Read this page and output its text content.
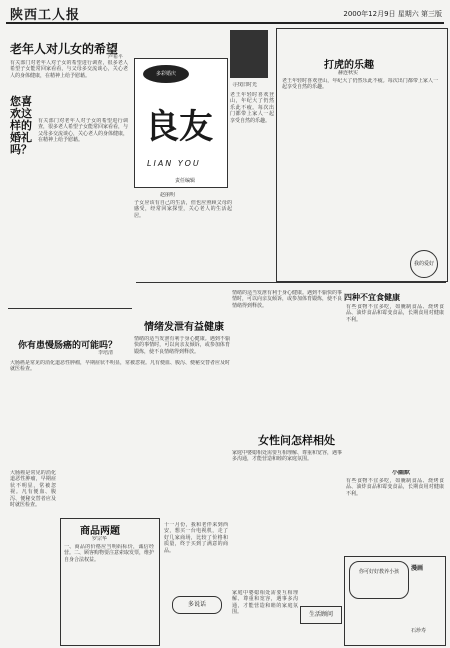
陕西工人报	2000年12月9日 星期六 第三版
老年人对儿女的希望
卢希平
有关部门对老年人对子女的希望进行调查，很多老人希望子女能常回家看看，与父母多交流谈心，关心老人的身体健康，在精神上给予慰藉。
您喜欢这样的婚礼吗？
有关部门对老年人对子女的希望进行调查，很多老人希望子女能常回家看看，与父母多交流谈心，关心老人的身体健康，在精神上给予慰藉。
你有患慢肠癌的可能吗？
李培清
大肠癌是常见的消化道恶性肿瘤，早期症状不明显，常被忽视。凡有便血、腹泻、便秘交替者应及时就医检查。
多彩婚庆
良友
LIAN YOU
责任编辑
赵丽明
子女应该有自己的生活，但也应照顾父母的感受，经常回家探望，关心老人的生活起居。
寻找旧时光
打虎的乐趣
赫连秋实
老王年轻时喜欢登山，年纪大了仍然乐此不疲。每次出门都带上家人一起享受自然的乐趣。
我的爱好
老王年轻时喜欢登山，年纪大了仍然乐此不疲。每次出门都带上家人一起享受自然的乐趣。
情绪发泄有益健康
情绪的适当发泄有利于身心健康。遇到不愉快的事情时，可以向亲友倾诉，或参加体育锻炼，使不良情绪得到释放。
情绪的适当发泄有利于身心健康。遇到不愉快的事情时，可以向亲友倾诉，或参加体育锻炼，使不良情绪得到释放。
女性问怎样相处
家庭中婆媳相处需要互相理解、尊重和宽容，遇事多沟通，才能营造和睦的家庭氛围。
四种不宜食健康
有些食物不宜多吃，如腌制食品、烧烤食品、油炸食品和霉变食品，长期食用对健康不利。
小幽默
有些食物不宜多吃，如腌制食品、烧烤食品、油炸食品和霉变食品，长期食用对健康不利。
你可好好教养小孩	漫画
石珍寿
生活顾问
商品两题
罗宗华
一、商品的价格应当明码标价，诚信经营。二、顾客购物要注意索取发票，维护自身合法权益。
大肠癌是常见的消化道恶性肿瘤，早期症状不明显，常被忽视。凡有便血、腹泻、便秘交替者应及时就医检查。
十一月份，我和老伴来到西安，想买一台电视机，走了好几家商场，比较了价格和质量，终于买到了满意的商品。
多说话
家庭中婆媳相处需要互相理解、尊重和宽容，遇事多沟通，才能营造和睦的家庭氛围。
